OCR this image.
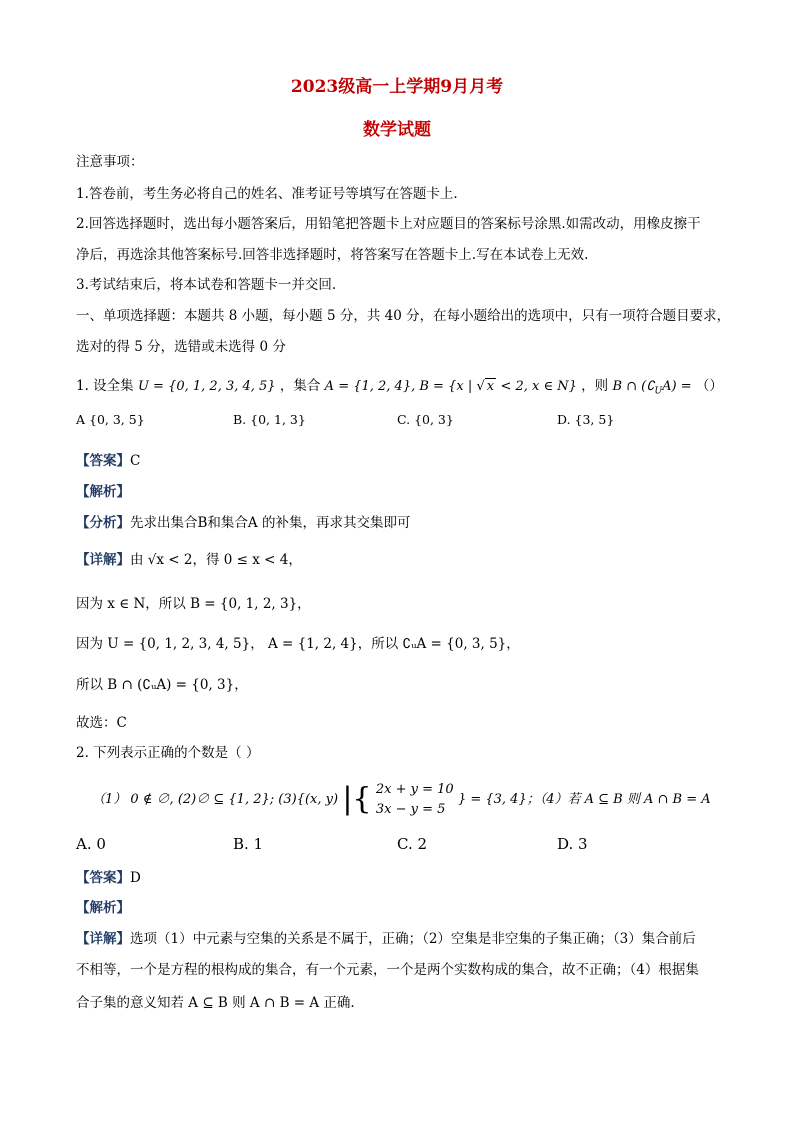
2023级高一上学期9月月考
数学试题
注意事项：
1.答卷前，考生务必将自己的姓名、准考证号等填写在答题卡上.
2.回答选择题时，选出每小题答案后，用铅笔把答题卡上对应题目的答案标号涂黑.如需改动，用橡皮擦干
净后，再选涂其他答案标号.回答非选择题时，将答案写在答题卡上.写在本试卷上无效.
3.考试结束后，将本试卷和答题卡一并交回.
一、单项选择题：本题共 8 小题，每小题 5 分，共 40 分，在每小题给出的选项中，只有一项符合题目要求，
选对的得 5 分，选错或未选得 0 分
1. 设全集 U = {0, 1, 2, 3, 4, 5} ，集合 A = {1, 2, 4}, B = {x | √ x < 2, x ∈ N} ，则 B ∩ $(∁_UA)$ = （）
A {0, 3, 5}	B. {0, 1, 3}	C. {0, 3}	D. {3, 5}
【答案】C
【解析】
【分析】先求出集合B和集合A 的补集，再求其交集即可
【详解】由 √x < 2，得 0 ≤ x < 4，
因为 x ∈ N，所以 B = {0, 1, 2, 3}，
因为 U = {0, 1, 2, 3, 4, 5}， A = {1, 2, 4}，所以 ∁ᵤA = {0, 3, 5}，
所以 B ∩ (∁ᵤA) = {0, 3}，
故选：C
2. 下列表示正确的个数是（ ）
（1） 0 ∉ ∅, (2)∅ ⊆ {1, 2}; (3){(x, y) |{ 2x + y = 10
3x − y = 5 } = {3, 4}；（4）若 A ⊆ B 则 A ∩ B = A
A. 0	B. 1	C. 2	D. 3
【答案】D
【解析】
【详解】选项（1）中元素与空集的关系是不属于，正确；（2）空集是非空集的子集正确；（3）集合前后
不相等，一个是方程的根构成的集合，有一个元素，一个是两个实数构成的集合，故不正确；（4）根据集
合子集的意义知若 A ⊆ B 则 A ∩ B = A 正确.
